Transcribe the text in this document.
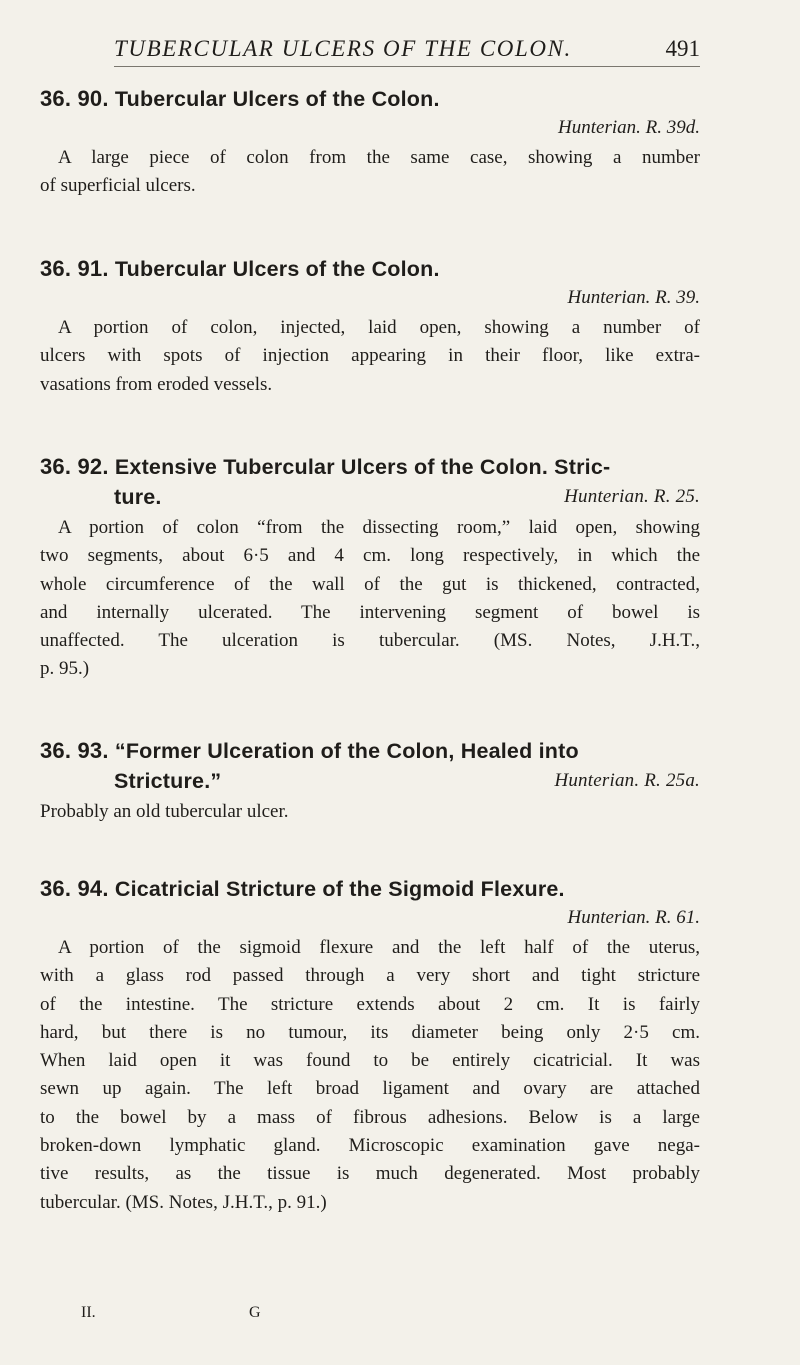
TUBERCULAR ULCERS OF THE COLON.	491
36. 90. Tubercular Ulcers of the Colon.
Hunterian. R. 39d.
A large piece of colon from the same case, showing a number
of superficial ulcers.
36. 91. Tubercular Ulcers of the Colon.
Hunterian. R. 39.
A portion of colon, injected, laid open, showing a number of
ulcers with spots of injection appearing in their floor, like extra-
vasations from eroded vessels.
36. 92. Extensive Tubercular Ulcers of the Colon. Stric-
ture.	Hunterian. R. 25.
A portion of colon “from the dissecting room,” laid open, showing
two segments, about 6·5 and 4 cm. long respectively, in which the
whole circumference of the wall of the gut is thickened, contracted,
and internally ulcerated. The intervening segment of bowel is
unaffected. The ulceration is tubercular. (MS. Notes, J.H.T.,
p. 95.)
36. 93. “Former Ulceration of the Colon, Healed into
Stricture.”	Hunterian. R. 25a.
Probably an old tubercular ulcer.
36. 94. Cicatricial Stricture of the Sigmoid Flexure.
Hunterian. R. 61.
A portion of the sigmoid flexure and the left half of the uterus,
with a glass rod passed through a very short and tight stricture
of the intestine. The stricture extends about 2 cm. It is fairly
hard, but there is no tumour, its diameter being only 2·5 cm.
When laid open it was found to be entirely cicatricial. It was
sewn up again. The left broad ligament and ovary are attached
to the bowel by a mass of fibrous adhesions. Below is a large
broken-down lymphatic gland. Microscopic examination gave nega-
tive results, as the tissue is much degenerated. Most probably
tubercular. (MS. Notes, J.H.T., p. 91.)
II.	G
